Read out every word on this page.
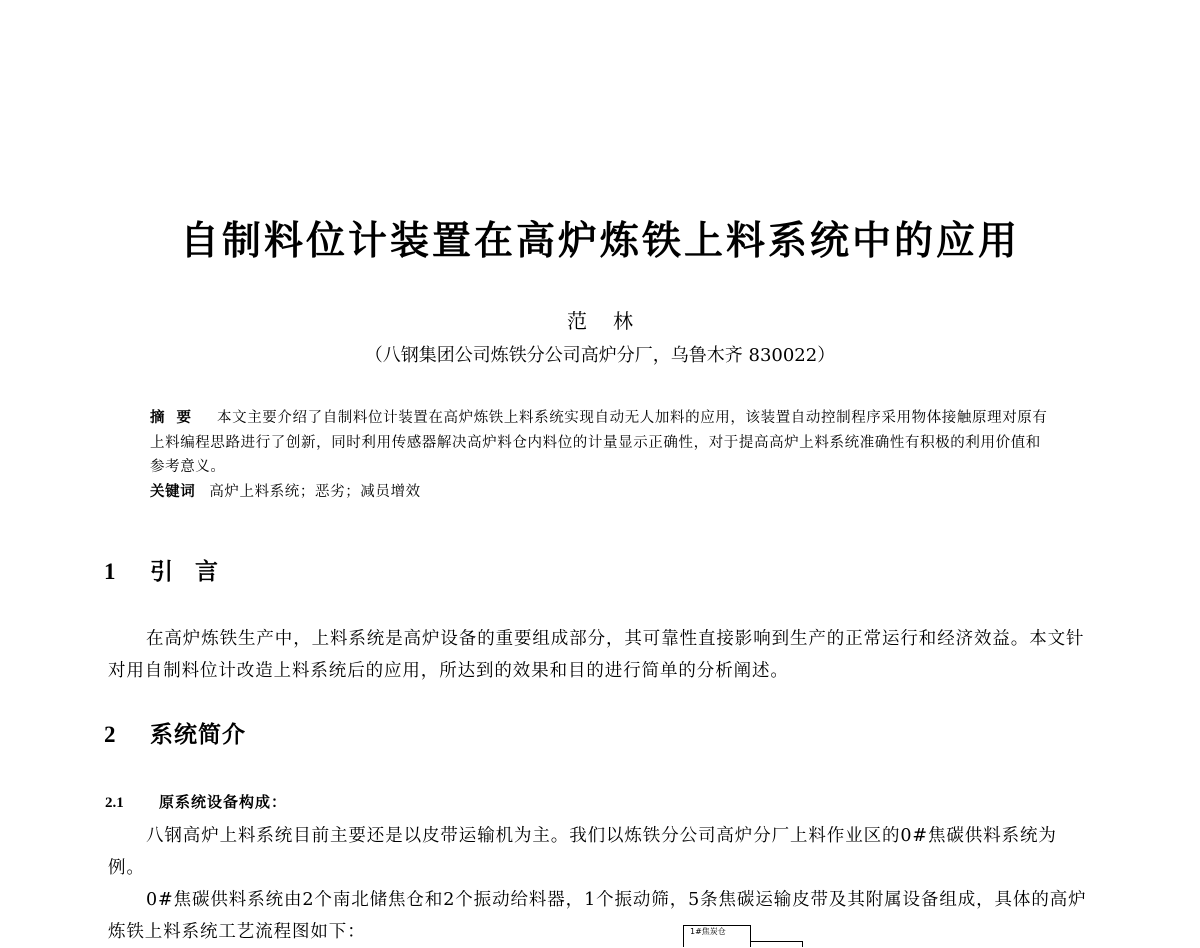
自制料位计装置在高炉炼铁上料系统中的应用
范林
（八钢集团公司炼铁分公司高炉分厂，乌鲁木齐 830022）

摘要 本文主要介绍了自制料位计装置在高炉炼铁上料系统实现自动无人加料的应用，该装置自动控制程序采用物体接触原理对原有上料编程思路进行了创新，同时利用传感器解决高炉料仓内料位的计量显示正确性，对于提高高炉上料系统准确性有积极的利用价值和参考意义。

关键词 高炉上料系统；恶劣；减员增效

1 引言

在高炉炼铁生产中，上料系统是高炉设备的重要组成部分，其可靠性直接影响到生产的正常运行和经济效益。本文针对用自制料位计改造上料系统后的应用，所达到的效果和目的进行简单的分析阐述。

2 系统简介
2.1 原系统设备构成：

八钢高炉上料系统目前主要还是以皮带运输机为主。我们以炼铁分公司高炉分厂上料作业区的0#焦碳供料系统为例。

0#焦碳供料系统由2个南北储焦仓和2个振动给料器，1个振动筛，5条焦碳运输皮带及其附属设备组成，具体的高炉炼铁上料系统工艺流程图如下：	1#焦炭仓
